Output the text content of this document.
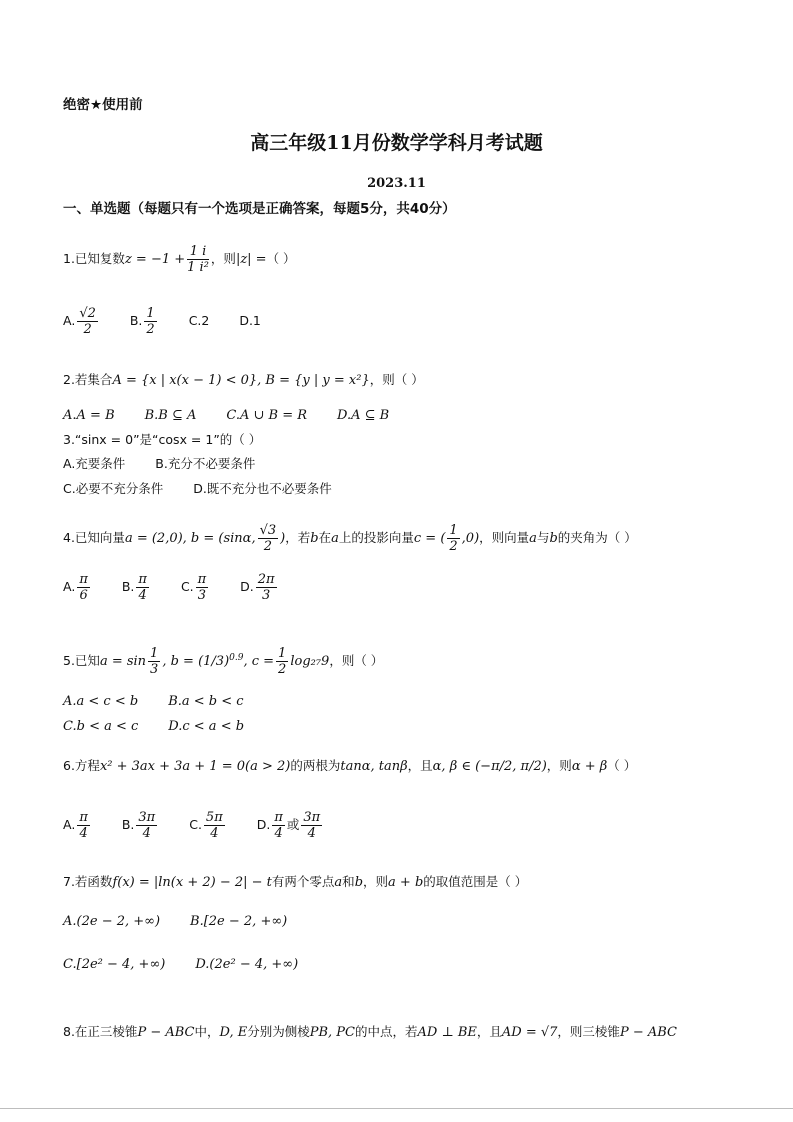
绝密★使用前
高三年级11月份数学学科月考试题
2023.11
一、单选题（每题只有一个选项是正确答案，每题5分，共40分）
1.已知复数$z = -1 + \frac{1 i}{\text{1 i²}}$ ，则|z| =（ ）
A. $\frac{√2}{2}$	B. $\frac{1}{2}$	C.2 D.1
2.若集合A = {x | x(x − 1) < 0}, B = {y | y = x²}，则（ ）
A.A = B B.B ⊆ A C.A ∪ B = R D.A ⊆ B
3.“sinx = 0”是“cosx = 1”的（ ）
A.充要条件 B.充分不必要条件
C.必要不充分条件 D.既不充分也不必要条件
4.已知向量a = (2,0), b = (sinα, $\frac{√3}{2}$ )，若b在a上的投影向量c = ( $\frac{1}{2} ,0$)，则向量a与b的夹角为（ ）
A. $\frac{\pi}{6}$	B. $\frac{\pi}{4}$	C. $\frac{\pi}{3}$	D. $\frac{2\pi}{3}$
5.已知$a = \sin \frac{1}{3}$ , $b = (1/3)^{0.9}$, $c = \frac{1}{2} \log_{27}9$，则（ ）
A.a < c < b B.a < b < c
C.b < a < c D.c < a < b
6.方程x² + 3ax + 3a + 1 = 0(a > 2)的两根为tanα, tanβ，且α, β ∈ (−π/2, π/2)，则α + β（ ）
A. $\frac{\pi}{4}$	B. $\frac{3\pi}{4}$	C. $\frac{5\pi}{4}$	D. $\frac{\pi}{4}$ 或 $\frac{3\pi}{4}$
7.若函数f(x) = |ln(x + 2) − 2| − t有两个零点a和b，则a + b的取值范围是（ ）
A.(2e − 2, +∞) B.[2e − 2, +∞)
C.[2e² − 4, +∞) D.(2e² − 4, +∞)
8.在正三棱锥P − ABC中，D, E分别为侧棱PB, PC的中点，若AD ⊥ BE，且AD = √7，则三棱锥P − ABC
